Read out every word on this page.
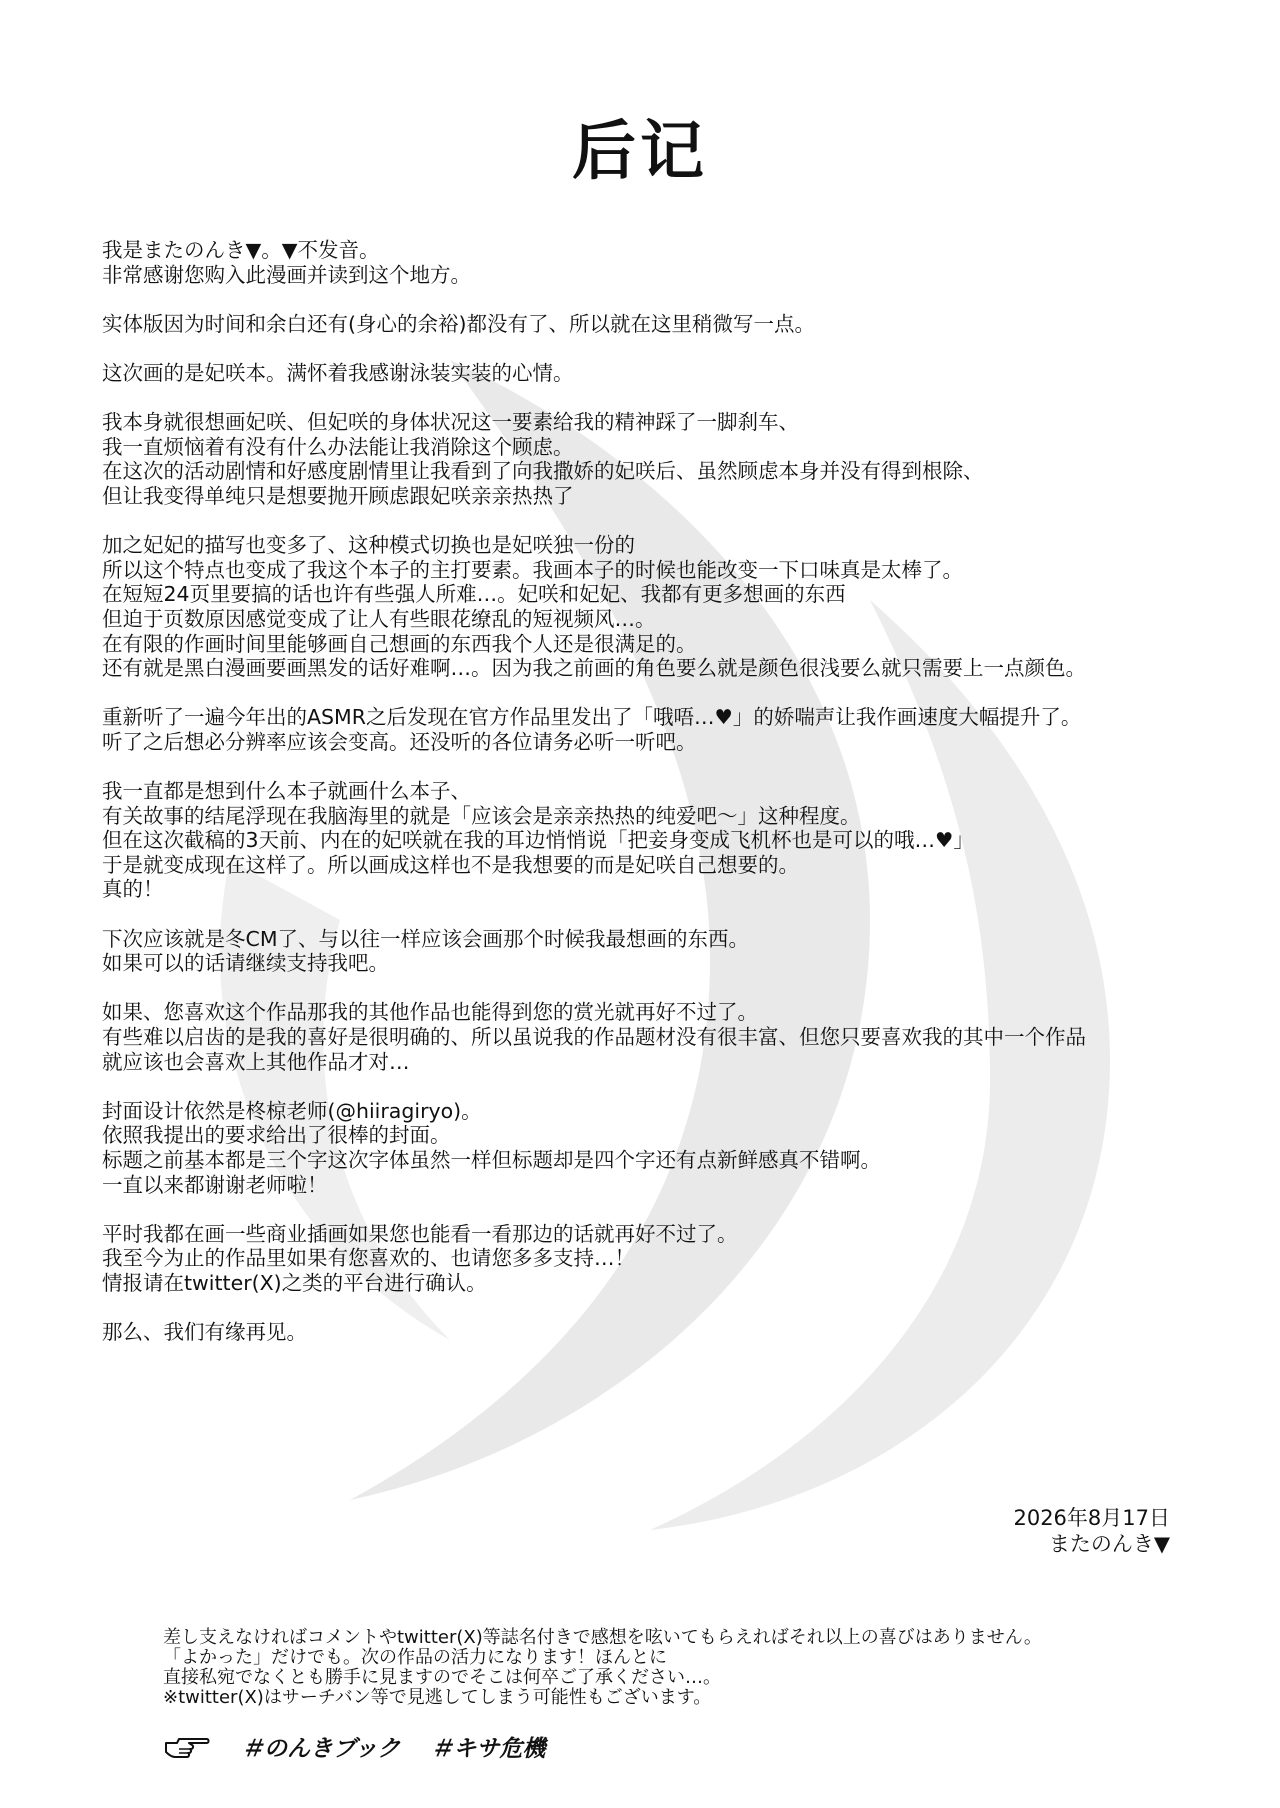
后记
我是またのんき▼。▼不发音。
非常感谢您购入此漫画并读到这个地方。
实体版因为时间和余白还有(身心的余裕)都没有了、所以就在这里稍微写一点。
这次画的是妃咲本。满怀着我感谢泳装实装的心情。
我本身就很想画妃咲、但妃咲的身体状况这一要素给我的精神踩了一脚刹车、
我一直烦恼着有没有什么办法能让我消除这个顾虑。
在这次的活动剧情和好感度剧情里让我看到了向我撒娇的妃咲后、虽然顾虑本身并没有得到根除、
但让我变得单纯只是想要抛开顾虑跟妃咲亲亲热热了
加之妃妃的描写也变多了、这种模式切换也是妃咲独一份的
所以这个特点也变成了我这个本子的主打要素。我画本子的时候也能改变一下口味真是太棒了。
在短短24页里要搞的话也许有些强人所难…。妃咲和妃妃、我都有更多想画的东西
但迫于页数原因感觉变成了让人有些眼花缭乱的短视频风…。
在有限的作画时间里能够画自己想画的东西我个人还是很满足的。
还有就是黑白漫画要画黑发的话好难啊…。因为我之前画的角色要么就是颜色很浅要么就只需要上一点颜色。
重新听了一遍今年出的ASMR之后发现在官方作品里发出了「哦唔…♥」的娇喘声让我作画速度大幅提升了。
听了之后想必分辨率应该会变高。还没听的各位请务必听一听吧。
我一直都是想到什么本子就画什么本子、
有关故事的结尾浮现在我脑海里的就是「应该会是亲亲热热的纯爱吧～」这种程度。
但在这次截稿的3天前、内在的妃咲就在我的耳边悄悄说「把妾身变成飞机杯也是可以的哦…♥」
于是就变成现在这样了。所以画成这样也不是我想要的而是妃咲自己想要的。
真的！
下次应该就是冬CM了、与以往一样应该会画那个时候我最想画的东西。
如果可以的话请继续支持我吧。
如果、您喜欢这个作品那我的其他作品也能得到您的赏光就再好不过了。
有些难以启齿的是我的喜好是很明确的、所以虽说我的作品题材没有很丰富、但您只要喜欢我的其中一个作品
就应该也会喜欢上其他作品才对…
封面设计依然是柊椋老师(@hiiragiryo)。
依照我提出的要求给出了很棒的封面。
标题之前基本都是三个字这次字体虽然一样但标题却是四个字还有点新鲜感真不错啊。
一直以来都谢谢老师啦！
平时我都在画一些商业插画如果您也能看一看那边的话就再好不过了。
我至今为止的作品里如果有您喜欢的、也请您多多支持…！
情报请在twitter(X)之类的平台进行确认。
那么、我们有缘再见。
2026年8月17日
またのんき▼
差し支えなければコメントやtwitter(X)等誌名付きで感想を呟いてもらえればそれ以上の喜びはありません。
「よかった」だけでも。次の作品の活力になります！ほんとに
直接私宛でなくとも勝手に見ますのでそこは何卒ご了承ください…。
※twitter(X)はサーチバン等で見逃してしまう可能性もございます。
＃のんきブック ＃キサ危機
